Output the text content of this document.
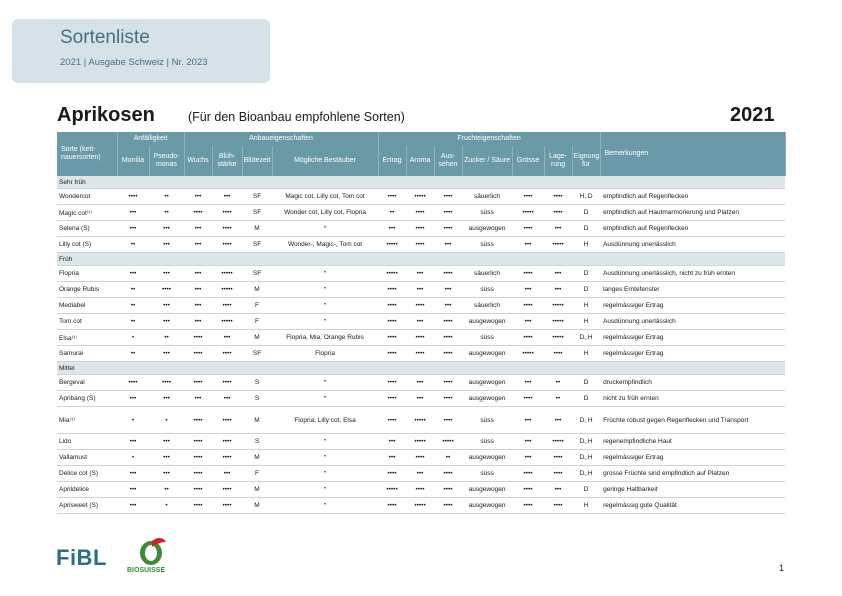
Sortenliste
2021 | Ausgabe Schweiz | Nr. 2023
Aprikosen	(Für den Bioanbau empfohlene Sorten)	2021
Sorte (kettnauersorten)	Anfälligkeit		Anbaueigenschaften				Fruchteigenschaften							Bemerkungen
	Monilia	Pseudomonas	Wuchs	Blühstärke	Blütezeit	Mögliche Bestäuber	Ertrag	Aroma	Aussehen	Zucker / Säure	Grösse	Lagerung	Eignung für	
Sehr früh														
Wondercot	••••	••	•••	•••	SF	Magic cot, Lilly cot, Tom cot	••••	•••••	••••	säuerlich	••••	••••	H, D	empfindlich auf Regenflecken
Magic cot⁽¹⁾	•••	••	••••	••••	SF	Wonder cot, Lilly cot, Flopria	••	••••	••••	süss	•••••	••••	D	empfindlich auf Hautmarmorierung und Platzen
Selena (S)	•••	•••	•••	••••	M	*	•••	••••	••••	ausgewogen	••••	•••	D	empfindlich auf Regenflecken
Lilly cot (S)	••	•••	•••	••••	SF	Wonder-, Magic-, Tom cot	•••••	••••	•••	süss	•••	•••••	H	Ausdünnung unerlässlich
Früh														
Flopria	•••	•••	•••	•••••	SF	*	•••••	•••	••••	säuerlich	••••	•••	D	Ausdünnung unerlässlich, nicht zu früh ernten
Orange Rubis	••	••••	•••	•••••	M	*	••••	•••	•••	süss	•••	•••	D	langes Erntefenster
Mediabel	••	•••	•••	••••	F	*	••••	••••	•••	säuerlich	••••	•••••	H	regelmässiger Ertrag
Tom cot	••	•••	•••	•••••	F	*	••••	•••	••••	ausgewogen	•••	•••••	H	Ausdünnung unerlässlich
Elsa⁽¹⁾	•	••	••••	•••	M	Flopria, Mia, Orange Rubis	••••	••••	••••	süss	••••	•••••	D, H	regelmässiger Ertrag
Samurai	••	•••	••••	••••	SF	Flopria	••••	••••	••••	ausgewogen	•••••	••••	H	regelmässiger Ertrag
Mittel														
Bergeval	••••	••••	••••	••••	S	*	••••	•••	••••	ausgewogen	•••	••	D	druckempfindlich
Apribang (S)	•••	•••	•••	•••	S	*	••••	•••	••••	ausgewogen	••••	••	D	nicht zu früh ernten
Mia⁽¹⁾	•	•	••••	••••	M	Flopria, Lilly cot, Elsa	••••	•••••	••••	süss	•••	•••	D, H	Früchte robust gegen Regenflecken und Transport
Lido	•••	•••	••••	••••	S	*	•••	•••••	•••••	süss	•••	•••••	D, H	regenempfindliche Haut
Vallamust	•	•••	••••	••••	M	*	•••	••••	••	ausgewogen	•••	••••	D, H	regelmässiger Ertrag
Delice cot (S)	•••	•••	••••	•••	F	*	••••	•••	••••	süss	••••	••••	D, H	grosse Früchte sind empfindlich auf Platzen
Aprildelice	•••	••	••••	••••	M	*	•••••	••••	••••	ausgewogen	••••	•••	D	geringe Haltbarkeit
Aprisweet (S)	•••	•	••••	••••	M	*	••••	•••••	••••	ausgewogen	••••	••••	H	regelmässig gute Qualität
FiBL
BIOSUISSE	1
